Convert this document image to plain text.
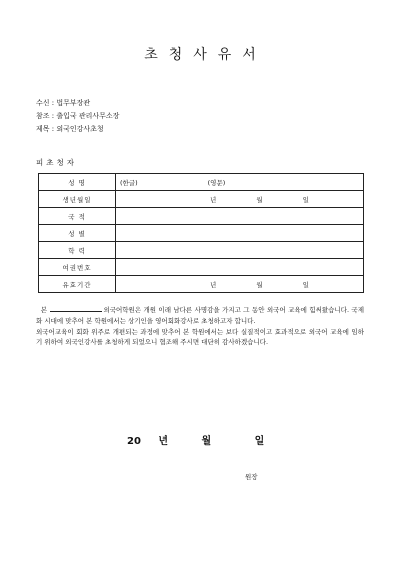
초청사유서
수신 : 법무부장관
참조 : 출입국 관리사무소장
제목 : 외국인강사초청
피초청자
성 명	(한글) (영문)
생년월일	년 월 일

국 적	
성 별	
학 력	
여권번호	
유효기간	년 월 일

본	외국어학원은 개원 이래 남다른 사명감을 가지고 그 동안 외국어 교육에 힘써왔습니다. 국제화 시대에 맞추어 본 학원에서는 상기인을 영어회화강사로 초청하고자 합니다.

외국어교육이 회화 위주로 개편되는 과정에 맞추어 본 학원에서는 보다 실질적이고 효과적으로 외국어 교육에 임하기 위하여 외국인강사를 초청하게 되었으니 협조해 주시면 대단히 감사하겠습니다.

20 년	월	일
원장
